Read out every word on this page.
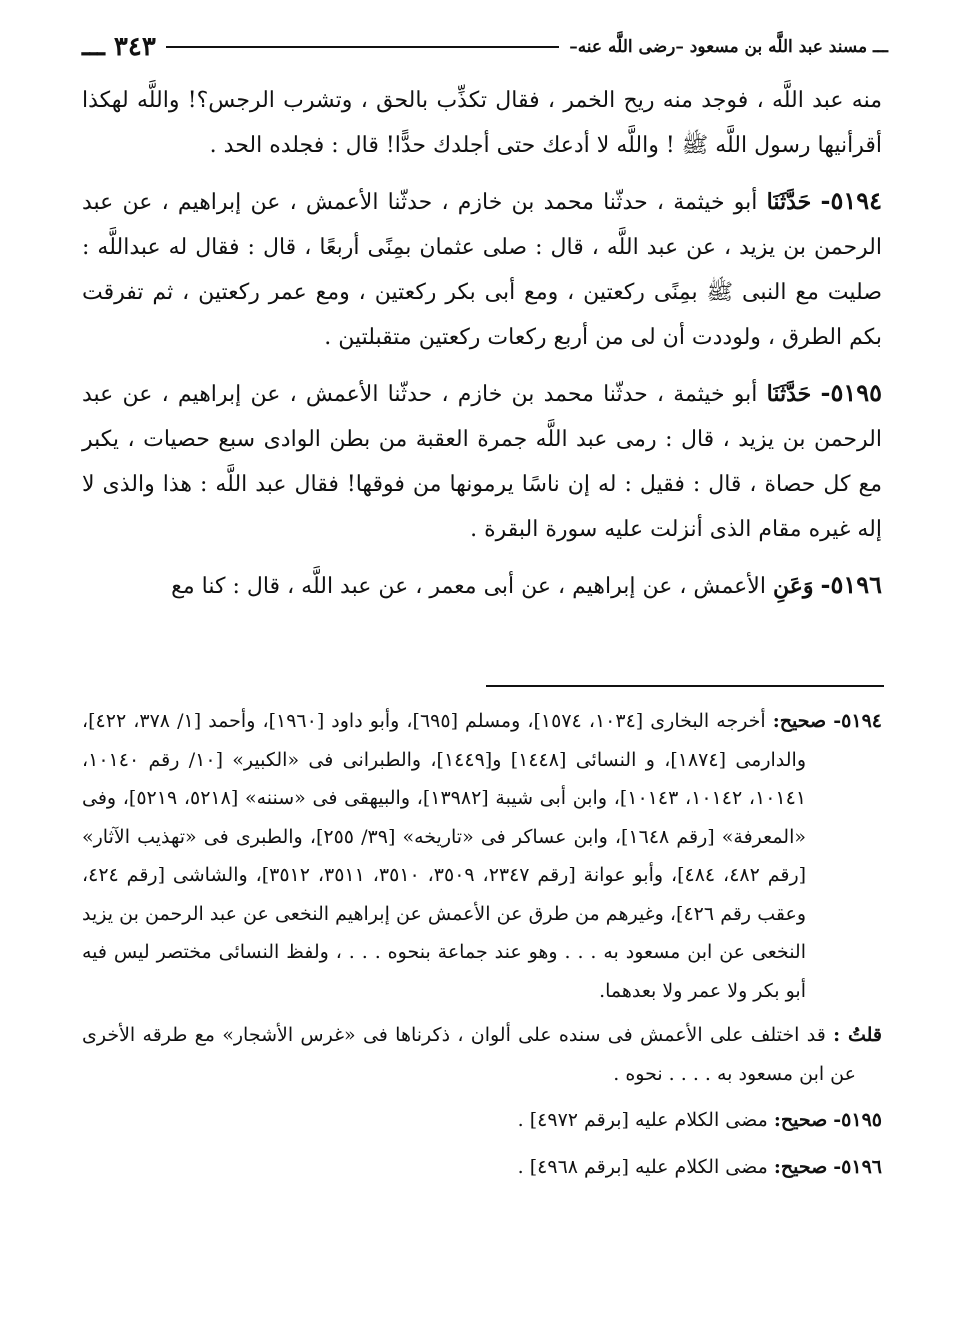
ـــ مسند عبد اللَّه بن مسعود –رضى اللَّه عنه–
٣٤٣ ـــ

منه عبد اللَّه ، فوجد منه ريح الخمر ، فقال تكذِّب بالحق ، وتشرب الرجس؟! واللَّه لهكذا أقرأنيها رسول اللَّه ﷺ ! واللَّه لا أدعك حتى أجلدك حدًّا! قال : فجلده الحد .

٥١٩٤- حَدَّثَنَا أبو خيثمة ، حدثّنا محمد بن خازم ، حدثّنا الأعمش ، عن إبراهيم ، عن عبد الرحمن بن يزيد ، عن عبد اللَّه ، قال : صلى عثمان بمِنًى أربعًا ، قال : فقال له عبداللَّه : صليت مع النبى ﷺ بمِنًى ركعتين ، ومع أبى بكر ركعتين ، ومع عمر ركعتين ، ثم تفرقت بكم الطرق ، ولوددت أن لى من أربع ركعات ركعتين متقبلتين .

٥١٩٥- حَدَّثَنَا أبو خيثمة ، حدثّنا محمد بن خازم ، حدثّنا الأعمش ، عن إبراهيم ، عن عبد الرحمن بن يزيد ، قال : رمى عبد اللَّه جمرة العقبة من بطن الوادى سبع حصيات ، يكبر مع كل حصاة ، قال : فقيل : له إن ناسًا يرمونها من فوقها! فقال عبد اللَّه : هذا والذى لا إله غيره مقام الذى أنزلت عليه سورة البقرة .

٥١٩٦- وَعَنِ الأعمش ، عن إبراهيم ، عن أبى معمر ، عن عبد اللَّه ، قال : كنا مع

٥١٩٤- صحيح: أخرجه البخارى [١٠٣٤، ١٥٧٤]، ومسلم [٦٩٥]، وأبو داود [١٩٦٠]، وأحمد [١/ ٣٧٨، ٤٢٢]، والدارمى [١٨٧٤]، و النسائى [١٤٤٨] و[١٤٤٩]، والطبرانى فى «الكبير» [١٠/ رقم ١٠١٤٠، ١٠١٤١، ١٠١٤٢، ١٠١٤٣]، وابن أبى شيبة [١٣٩٨٢]، والبيهقى فى «سننه» [٥٢١٨، ٥٢١٩]، وفى «المعرفة» [رقم ١٦٤٨]، وابن عساكر فى «تاريخه» [٣٩/ ٢٥٥]، والطبرى فى «تهذيب الآثار» [رقم ٤٨٢، ٤٨٤]، وأبو عوانة [رقم ٢٣٤٧، ٣٥٠٩، ٣٥١٠، ٣٥١١، ٣٥١٢]، والشاشى [رقم ٤٢٤، وعقب رقم ٤٢٦]، وغيرهم من طرق عن الأعمش عن إبراهيم النخعى عن عبد الرحمن بن يزيد النخعى عن ابن مسعود به . . . وهو عند جماعة بنحوه . . . ، ولفظ النسائى مختصر ليس فيه أبو بكر ولا عمر ولا بعدهما.

قلتُ : قد اختلف على الأعمش فى سنده على ألوان ، ذكرناها فى «غرس الأشجار» مع طرقه الأخرى عن ابن مسعود به . . . . نحوه .

٥١٩٥- صحيح: مضى الكلام عليه [برقم ٤٩٧٢] .

٥١٩٦- صحيح: مضى الكلام عليه [برقم ٤٩٦٨] .
